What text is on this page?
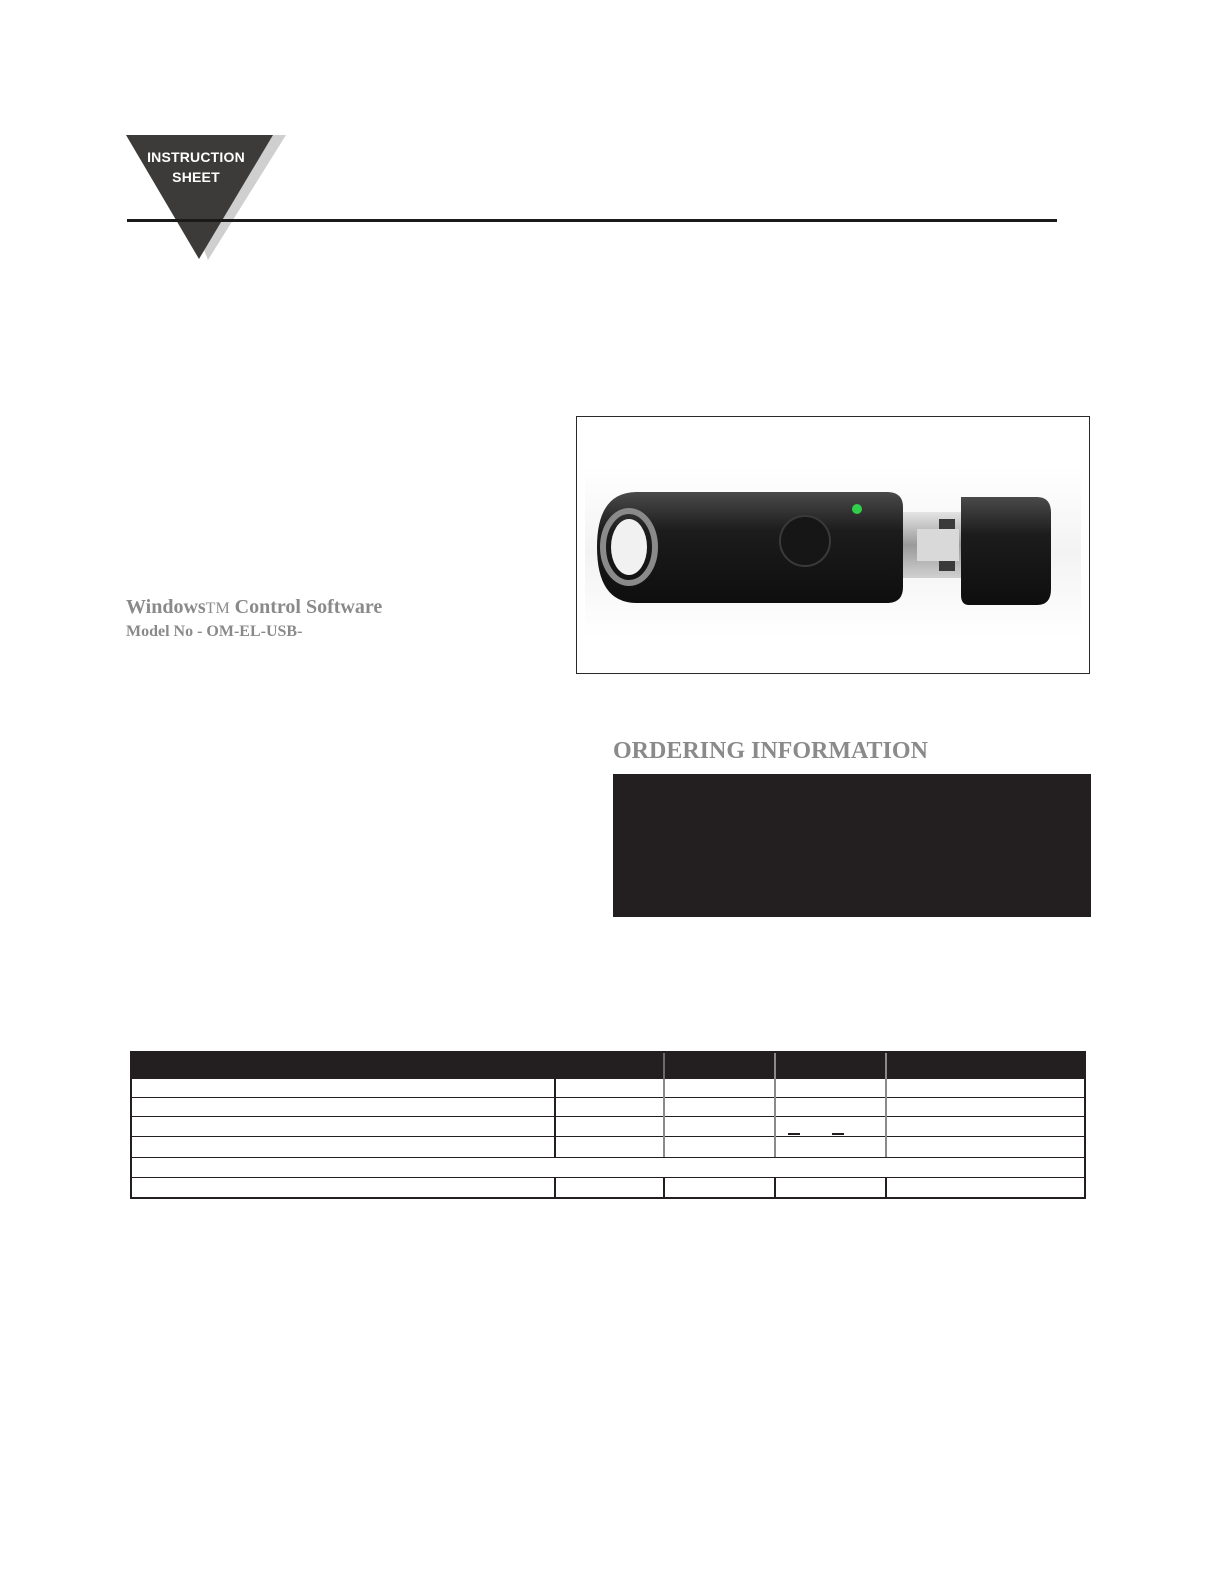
INSTRUCTION
SHEET
WindowsTM Control Software
Model No - OM-EL-USB-
ORDERING INFORMATION
